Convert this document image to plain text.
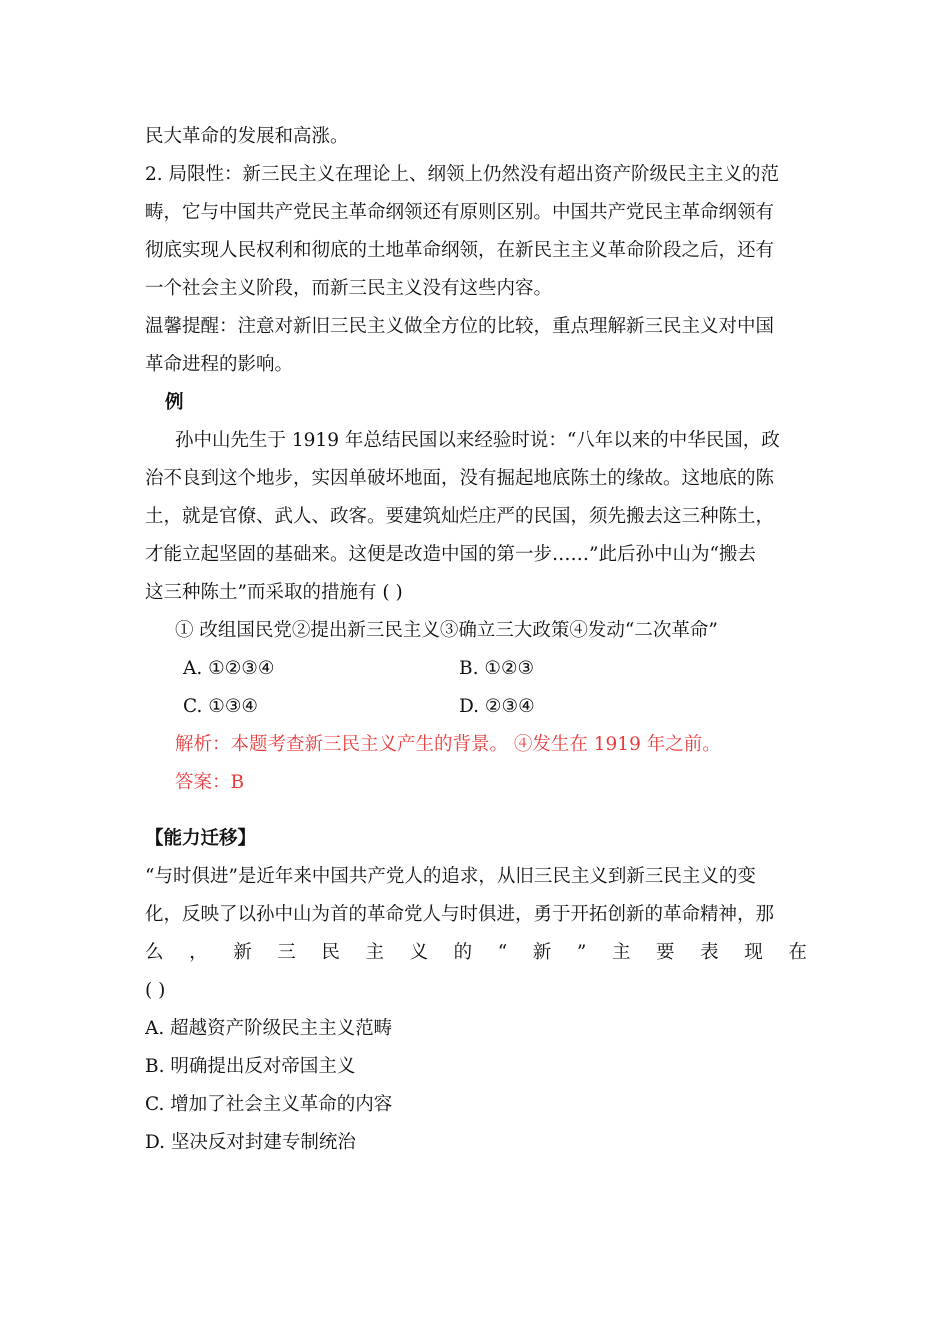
民大革命的发展和高涨。
2. 局限性：新三民主义在理论上、纲领上仍然没有超出资产阶级民主主义的范
畴，它与中国共产党民主革命纲领还有原则区别。中国共产党民主革命纲领有
彻底实现人民权利和彻底的土地革命纲领，在新民主主义革命阶段之后，还有
一个社会主义阶段，而新三民主义没有这些内容。
温馨提醒：注意对新旧三民主义做全方位的比较，重点理解新三民主义对中国
革命进程的影响。
例
孙中山先生于 1919 年总结民国以来经验时说：“八年以来的中华民国，政
治不良到这个地步，实因单破坏地面，没有掘起地底陈土的缘故。这地底的陈
土，就是官僚、武人、政客。要建筑灿烂庄严的民国，须先搬去这三种陈土，
才能立起坚固的基础来。这便是改造中国的第一步……”此后孙中山为“搬去
这三种陈土”而采取的措施有 ( )
① 改组国民党②提出新三民主义③确立三大政策④发动“二次革命”
A. ①②③④	B. ①②③
C. ①③④	D. ②③④
解析：本题考查新三民主义产生的背景。 ④发生在 1919 年之前。
答案：B
【能力迁移】
“与时俱进”是近年来中国共产党人的追求，从旧三民主义到新三民主义的变
化，反映了以孙中山为首的革命党人与时俱进，勇于开拓创新的革命精神，那
么 ， 新 三 民 主 义 的 “ 新 ” 主 要 表 现 在
( )
A. 超越资产阶级民主主义范畴
B. 明确提出反对帝国主义
C. 增加了社会主义革命的内容
D. 坚决反对封建专制统治
